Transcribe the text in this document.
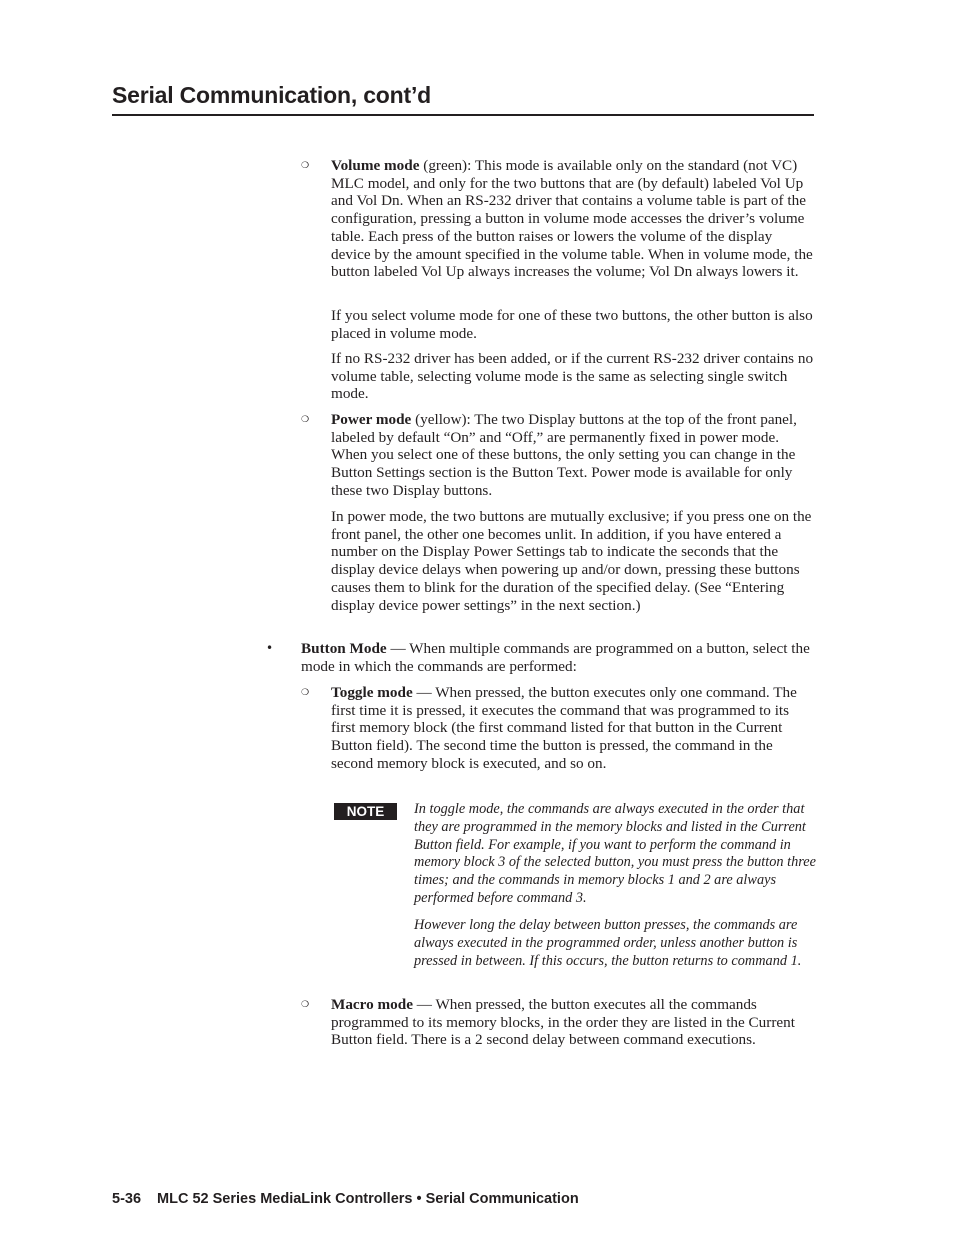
Serial Communication, cont’d
❍ Volume mode (green): This mode is available only on the standard (not VC) MLC model, and only for the two buttons that are (by default) labeled Vol Up and Vol Dn. When an RS-232 driver that contains a volume table is part of the configuration, pressing a button in volume mode accesses the driver’s volume table. Each press of the button raises or lowers the volume of the display device by the amount specified in the volume table. When in volume mode, the button labeled Vol Up always increases the volume; Vol Dn always lowers it.

If you select volume mode for one of these two buttons, the other button is also placed in volume mode.

If no RS-232 driver has been added, or if the current RS-232 driver contains no volume table, selecting volume mode is the same as selecting single switch mode.

❍ Power mode (yellow): The two Display buttons at the top of the front panel, labeled by default “On” and “Off,” are permanently fixed in power mode. When you select one of these buttons, the only setting you can change in the Button Settings section is the Button Text. Power mode is available for only these two Display buttons.

In power mode, the two buttons are mutually exclusive; if you press one on the front panel, the other one becomes unlit. In addition, if you have entered a number on the Display Power Settings tab to indicate the seconds that the display device delays when powering up and/or down, pressing these buttons causes them to blink for the duration of the specified delay. (See “Entering display device power settings” in the next section.)

• Button Mode — When multiple commands are programmed on a button, select the mode in which the commands are performed:

❍ Toggle mode — When pressed, the button executes only one command. The first time it is pressed, it executes the command that was programmed to its first memory block (the first command listed for that button in the Current Button field). The second time the button is pressed, the command in the second memory block is executed, and so on.

NOTE	In toggle mode, the commands are always executed in the order that they are programmed in the memory blocks and listed in the Current Button field. For example, if you want to perform the command in memory block 3 of the selected button, you must press the button three times; and the commands in memory blocks 1 and 2 are always performed before command 3.

However long the delay between button presses, the commands are always executed in the programmed order, unless another button is pressed in between. If this occurs, the button returns to command 1.

❍ Macro mode — When pressed, the button executes all the commands programmed to its memory blocks, in the order they are listed in the Current Button field. There is a 2 second delay between command executions.

5-36 MLC 52 Series MediaLink Controllers • Serial Communication
